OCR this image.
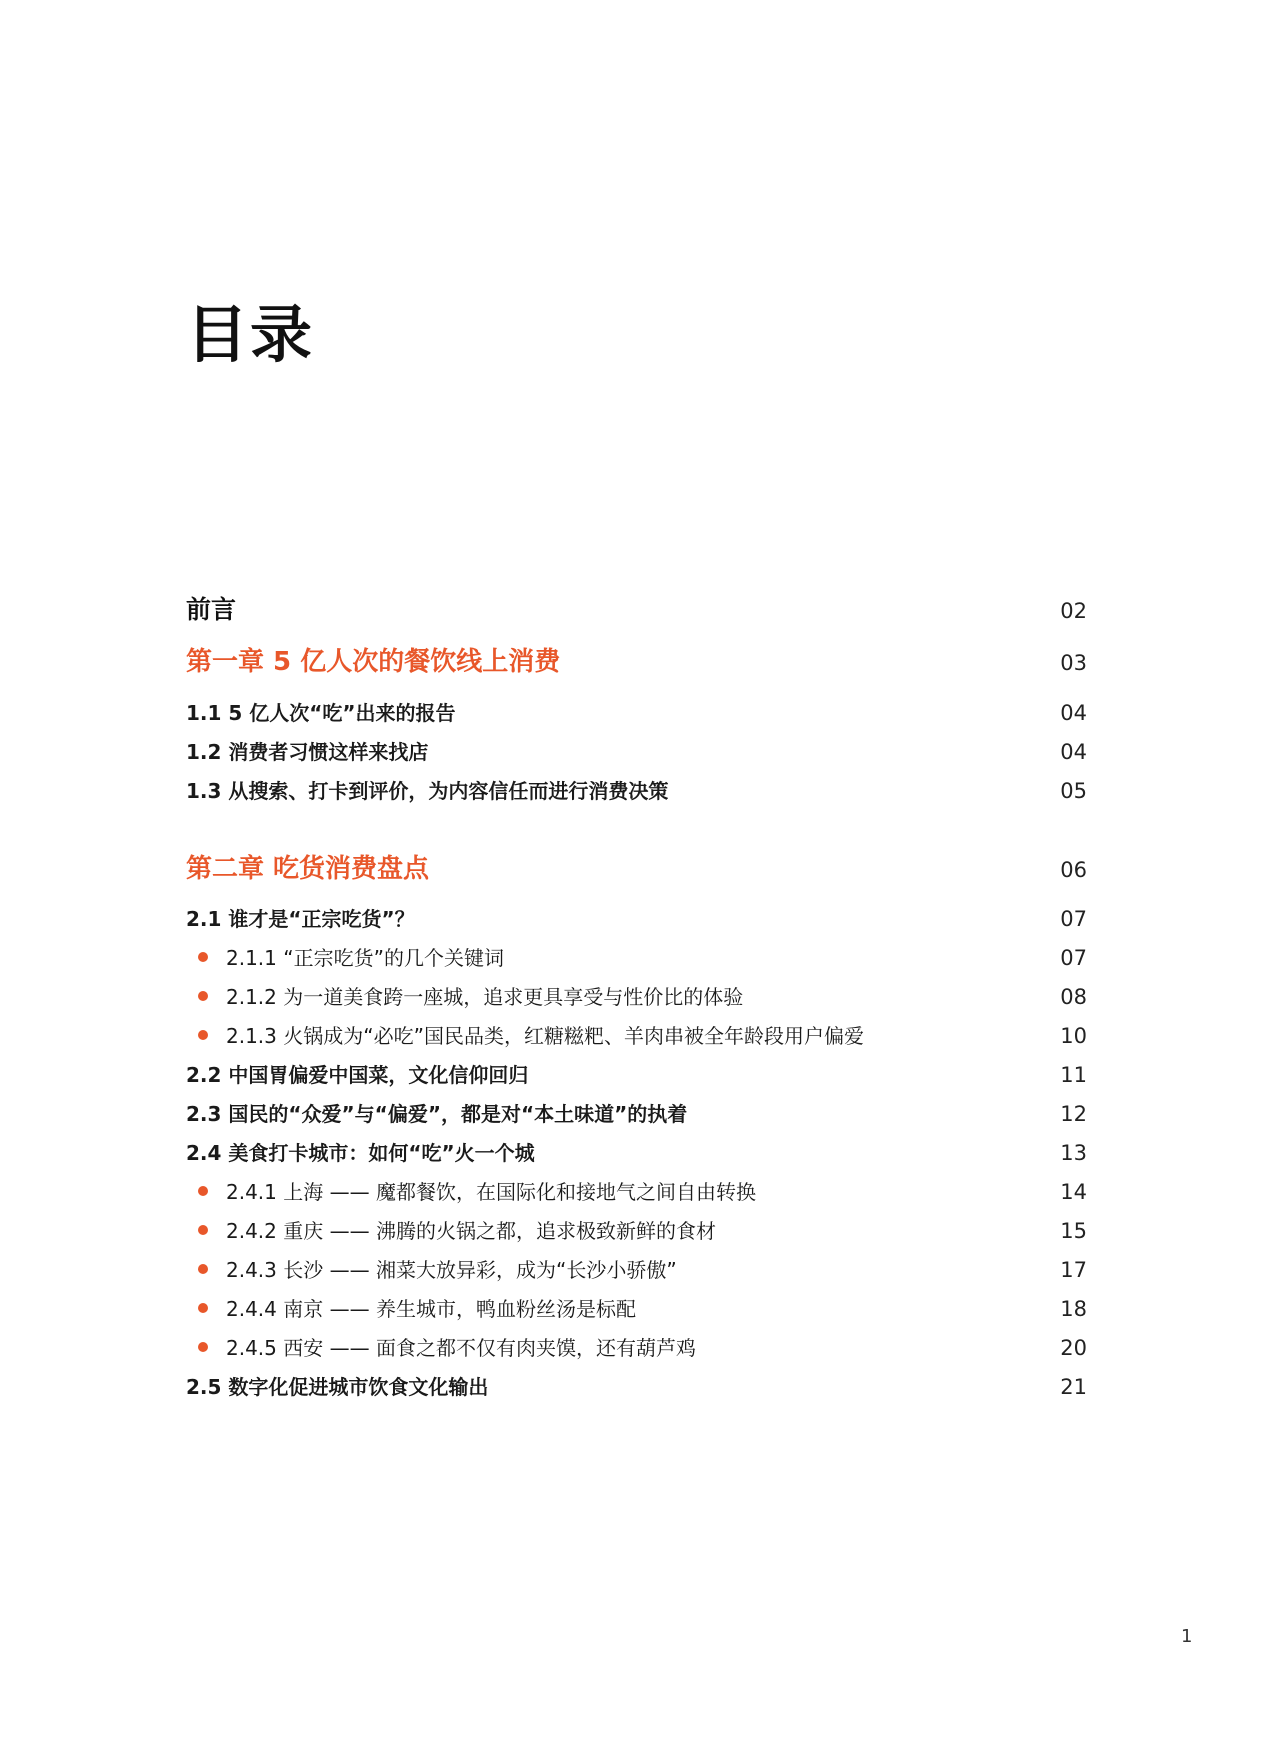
目录
前言	02
第一章 5 亿人次的餐饮线上消费	03
1.1 5 亿人次“吃”出来的报告	04
1.2 消费者习惯这样来找店	04
1.3 从搜索、打卡到评价，为内容信任而进行消费决策	05
第二章 吃货消费盘点	06
2.1 谁才是“正宗吃货”？	07
2.1.1 “正宗吃货”的几个关键词	07
2.1.2 为一道美食跨一座城，追求更具享受与性价比的体验	08
2.1.3 火锅成为“必吃”国民品类，红糖糍粑、羊肉串被全年龄段用户偏爱	10
2.2 中国胃偏爱中国菜，文化信仰回归	11
2.3 国民的“众爱”与“偏爱”，都是对“本土味道”的执着	12
2.4 美食打卡城市：如何“吃”火一个城	13
2.4.1 上海 —— 魔都餐饮，在国际化和接地气之间自由转换	14
2.4.2 重庆 —— 沸腾的火锅之都，追求极致新鲜的食材	15
2.4.3 长沙 —— 湘菜大放异彩，成为“长沙小骄傲”	17
2.4.4 南京 —— 养生城市，鸭血粉丝汤是标配	18
2.4.5 西安 —— 面食之都不仅有肉夹馍，还有葫芦鸡	20
2.5 数字化促进城市饮食文化输出	21
1
